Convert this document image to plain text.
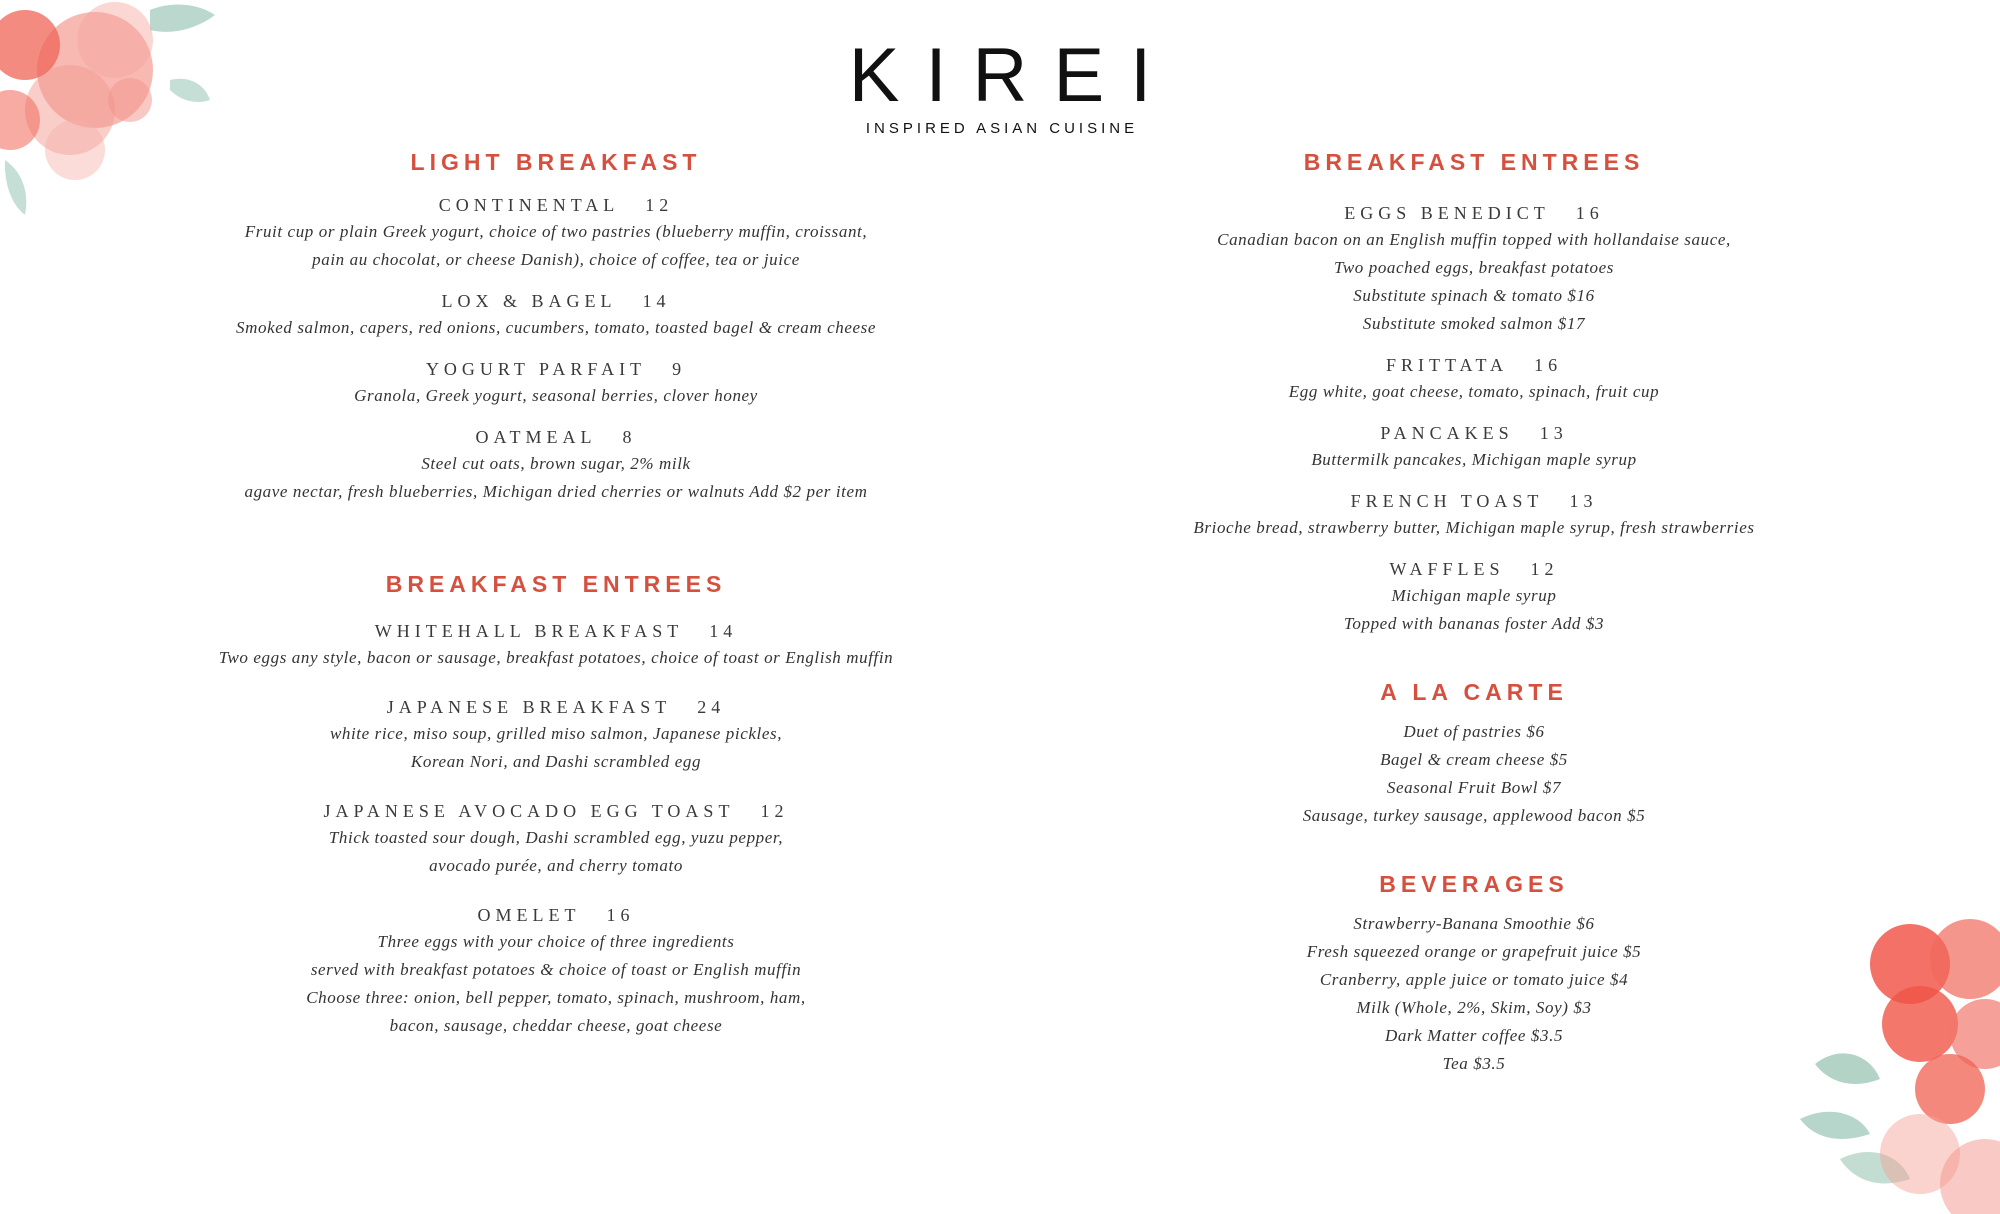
KIREI
INSPIRED ASIAN CUISINE
LIGHT BREAKFAST
CONTINENTAL 12
Fruit cup or plain Greek yogurt, choice of two pastries (blueberry muffin, croissant,
pain au chocolat, or cheese Danish), choice of coffee, tea or juice
LOX & BAGEL 14
Smoked salmon, capers, red onions, cucumbers, tomato, toasted bagel & cream cheese
YOGURT PARFAIT 9
Granola, Greek yogurt, seasonal berries, clover honey
OATMEAL 8
Steel cut oats, brown sugar, 2% milk
agave nectar, fresh blueberries, Michigan dried cherries or walnuts Add $2 per item
BREAKFAST ENTREES
WHITEHALL BREAKFAST 14
Two eggs any style, bacon or sausage, breakfast potatoes, choice of toast or English muffin
JAPANESE BREAKFAST 24
white rice, miso soup, grilled miso salmon, Japanese pickles,
Korean Nori, and Dashi scrambled egg
JAPANESE AVOCADO EGG TOAST 12
Thick toasted sour dough, Dashi scrambled egg, yuzu pepper,
avocado purée, and cherry tomato
OMELET 16
Three eggs with your choice of three ingredients
served with breakfast potatoes & choice of toast or English muffin
Choose three: onion, bell pepper, tomato, spinach, mushroom, ham,
bacon, sausage, cheddar cheese, goat cheese
BREAKFAST ENTREES
EGGS BENEDICT 16
Canadian bacon on an English muffin topped with hollandaise sauce,
Two poached eggs, breakfast potatoes
Substitute spinach & tomato $16
Substitute smoked salmon $17
FRITTATA 16
Egg white, goat cheese, tomato, spinach, fruit cup
PANCAKES 13
Buttermilk pancakes, Michigan maple syrup
FRENCH TOAST 13
Brioche bread, strawberry butter, Michigan maple syrup, fresh strawberries
WAFFLES 12
Michigan maple syrup
Topped with bananas foster Add $3
A LA CARTE
Duet of pastries $6
Bagel & cream cheese $5
Seasonal Fruit Bowl $7
Sausage, turkey sausage, applewood bacon $5
BEVERAGES
Strawberry-Banana Smoothie $6
Fresh squeezed orange or grapefruit juice $5
Cranberry, apple juice or tomato juice $4
Milk (Whole, 2%, Skim, Soy) $3
Dark Matter coffee $3.5
Tea $3.5
